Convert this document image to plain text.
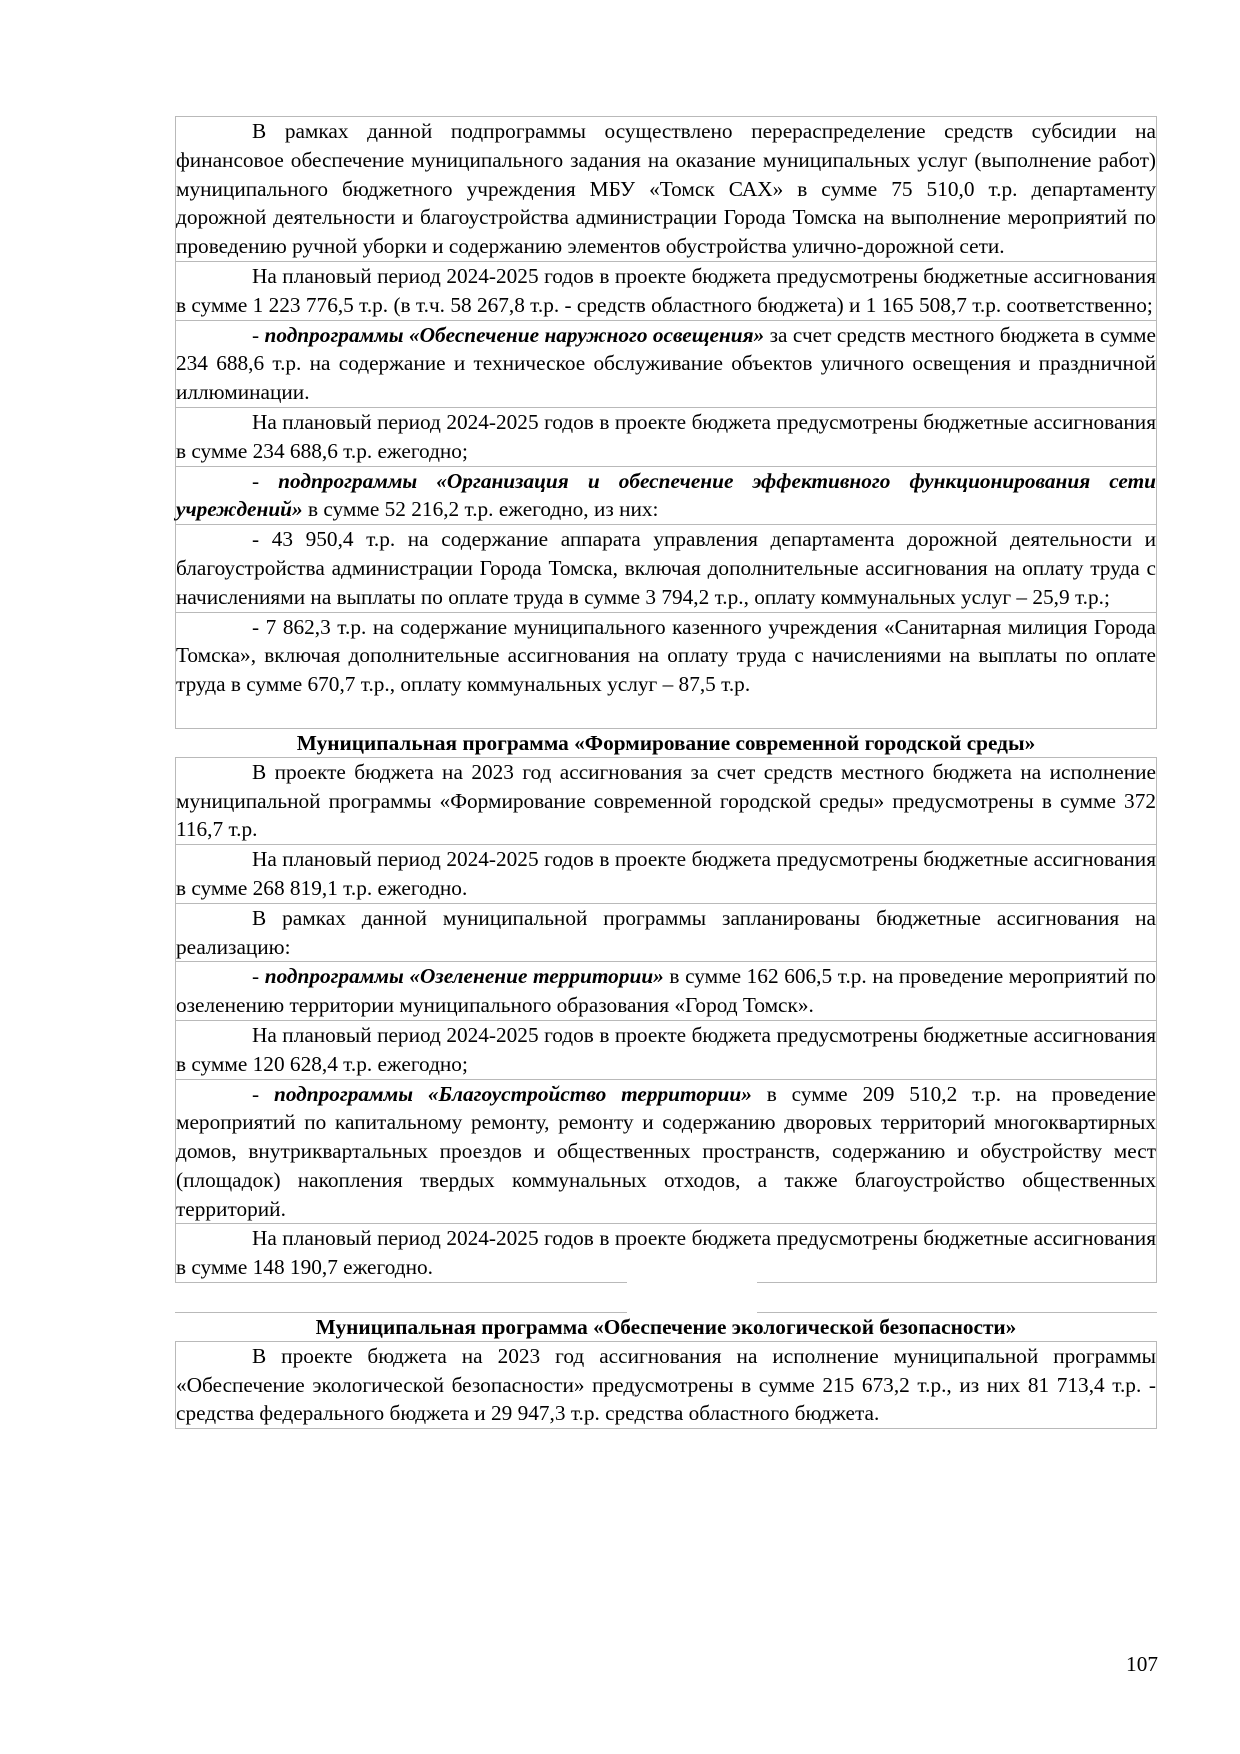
В рамках данной подпрограммы осуществлено перераспределение средств субсидии на финансовое обеспечение муниципального задания на оказание муниципальных услуг (выполнение работ) муниципального бюджетного учреждения МБУ «Томск САХ» в сумме 75 510,0 т.р. департаменту дорожной деятельности и благоустройства администрации Города Томска на выполнение мероприятий по проведению ручной уборки и содержанию элементов обустройства улично-дорожной сети.
На плановый период 2024-2025 годов в проекте бюджета предусмотрены бюджетные ассигнования в сумме 1 223 776,5 т.р. (в т.ч. 58 267,8 т.р. - средств областного бюджета) и 1 165 508,7 т.р. соответственно;
- подпрограммы «Обеспечение наружного освещения» за счет средств местного бюджета в сумме 234 688,6 т.р. на содержание и техническое обслуживание объектов уличного освещения и праздничной иллюминации.
На плановый период 2024-2025 годов в проекте бюджета предусмотрены бюджетные ассигнования в сумме 234 688,6 т.р. ежегодно;
- подпрограммы «Организация и обеспечение эффективного функционирования сети учреждений» в сумме 52 216,2 т.р. ежегодно, из них:
- 43 950,4 т.р. на содержание аппарата управления департамента дорожной деятельности и благоустройства администрации Города Томска, включая дополнительные ассигнования на оплату труда с начислениями на выплаты по оплате труда в сумме 3 794,2 т.р., оплату коммунальных услуг – 25,9 т.р.;
- 7 862,3 т.р. на содержание муниципального казенного учреждения «Санитарная милиция Города Томска», включая дополнительные ассигнования на оплату труда с начислениями на выплаты по оплате труда в сумме 670,7 т.р., оплату коммунальных услуг – 87,5 т.р.
Муниципальная программа «Формирование современной городской среды»
В проекте бюджета на 2023 год ассигнования за счет средств местного бюджета на исполнение муниципальной программы «Формирование современной городской среды» предусмотрены в сумме 372 116,7 т.р.
На плановый период 2024-2025 годов в проекте бюджета предусмотрены бюджетные ассигнования в сумме 268 819,1 т.р. ежегодно.
В рамках данной муниципальной программы запланированы бюджетные ассигнования на реализацию:
- подпрограммы «Озеленение территории» в сумме 162 606,5 т.р. на проведение мероприятий по озеленению территории муниципального образования «Город Томск».
На плановый период 2024-2025 годов в проекте бюджета предусмотрены бюджетные ассигнования в сумме 120 628,4 т.р. ежегодно;
- подпрограммы «Благоустройство территории» в сумме 209 510,2 т.р. на проведение мероприятий по капитальному ремонту, ремонту и содержанию дворовых территорий многоквартирных домов, внутриквартальных проездов и общественных пространств, содержанию и обустройству мест (площадок) накопления твердых коммунальных отходов, а также благоустройство общественных территорий.
На плановый период 2024-2025 годов в проекте бюджета предусмотрены бюджетные ассигнования в сумме 148 190,7 ежегодно.
Муниципальная программа «Обеспечение экологической безопасности»
В проекте бюджета на 2023 год ассигнования на исполнение муниципальной программы «Обеспечение экологической безопасности» предусмотрены в сумме 215 673,2 т.р., из них 81 713,4 т.р. - средства федерального бюджета и 29 947,3 т.р. средства областного бюджета.
107
